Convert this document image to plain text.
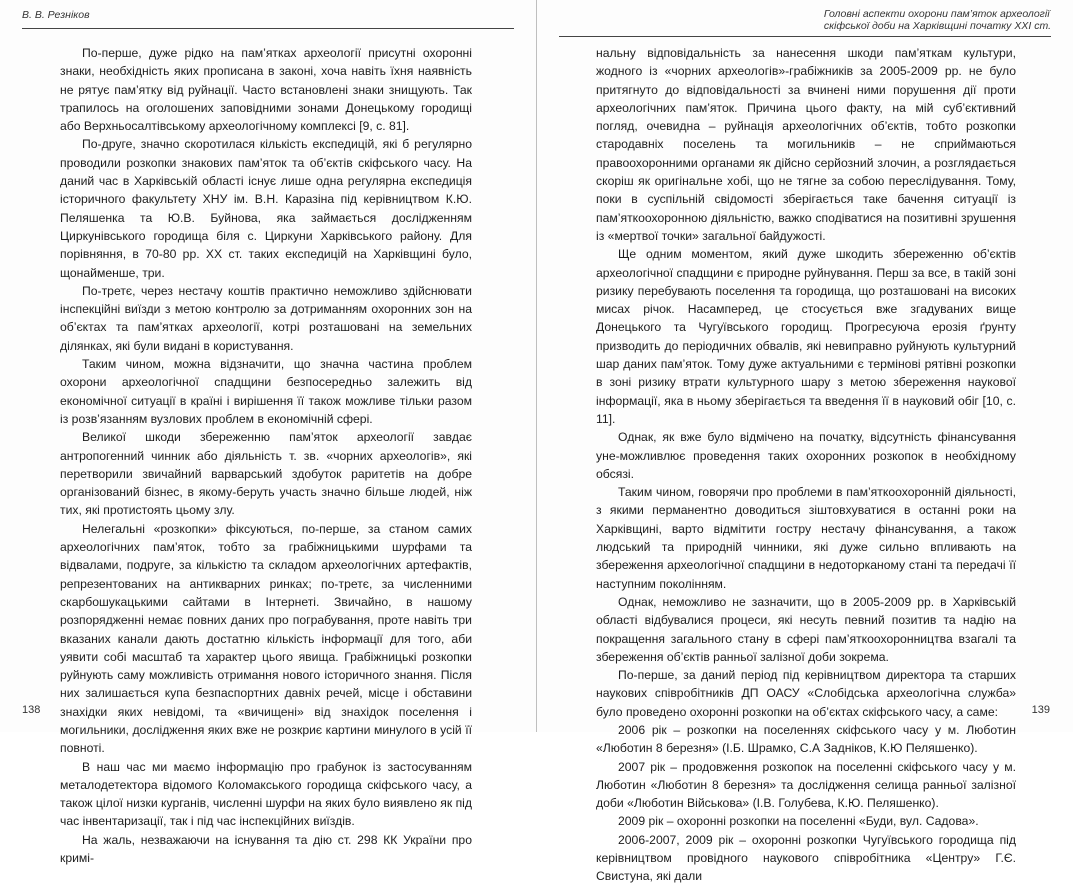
В. В. Резніков

По-перше, дуже рідко на пам’ятках археології присутні охоронні знаки, необхідність яких прописана в законі, хоча навіть їхня наявність не рятує пам’ятку від руйнації. Часто встановлені знаки знищують. Так трапилось на оголошених заповідними зонами Донецькому городищі або Верхньосалтівському археологічному комплексі [9, с. 81].

По-друге, значно скоротилася кількість експедицій, які б регулярно проводили розкопки знакових пам’яток та об’єктів скіфського часу. На даний час в Харківській області існує лише одна регулярна експедиція історичного факультету ХНУ ім. В.Н. Каразіна під керівництвом К.Ю. Пеляшенка та Ю.В. Буйнова, яка займається дослідженням Циркунівського городища біля с. Циркуни Харківського району. Для порівняння, в 70-80 рр. ХХ ст. таких експедицій на Харківщині було, щонайменше, три.

По-третє, через нестачу коштів практично неможливо здійснювати інспекційні виїзди з метою контролю за дотриманням охоронних зон на об’єктах та пам’ятках археології, котрі розташовані на земельних ділянках, які були видані в користування.

Таким чином, можна відзначити, що значна частина проблем охорони археологічної спадщини безпосередньо залежить від економічної ситуації в країні і вирішення її також можливе тільки разом із розв’язанням вузлових проблем в економічній сфері.

Великої шкоди збереженню пам’яток археології завдає антропогенний чинник або діяльність т. зв. «чорних археологів», які перетворили звичайний варварський здобуток раритетів на добре організований бізнес, в якому-беруть участь значно більше людей, ніж тих, які протистоять цьому злу.

Нелегальні «розкопки» фіксуються, по-перше, за станом самих археологічних пам’яток, тобто за грабіжницькими шурфами та відвалами, подруге, за кількістю та складом археологічних артефактів, репрезентованих на антикварних ринках; по-третє, за численними скарбошукацькими сайтами в Інтернеті. Звичайно, в нашому розпорядженні немає повних даних про пограбування, проте навіть три вказаних канали дають достатню кількість інформації для того, аби уявити собі масштаб та характер цього явища. Грабіжницькі розкопки руйнують саму можливість отримання нового історичного знання. Після них залишається купа безпаспортних давніх речей, місце і обставини знахідки яких невідомі, та «вичищені» від знахідок поселення і могильники, дослідження яких вже не розкриє картини минулого в усій її повноті.

В наш час ми маємо інформацію про грабунок із застосуванням металодетектора відомого Коломакського городища скіфського часу, а також цілої низки курганів, численні шурфи на яких було виявлено як під час інвентаризації, так і під час інспекційних виїздів.

На жаль, незважаючи на існування та дію ст. 298 КК України про кримі-

138
Головні аспекти охорони пам’яток археології
скіфської доби на Харківщині початку ХХІ ст.

нальну відповідальність за нанесення шкоди пам’яткам культури, жодного із «чорних археологів»-грабіжників за 2005-2009 рр. не було притягнуто до відповідальності за вчинені ними порушення дії проти археологічних пам’яток. Причина цього факту, на мій суб’єктивний погляд, очевидна – руйнація археологічних об’єктів, тобто розкопки стародавніх поселень та могильників – не сприймаються правоохоронними органами як дійсно серйозний злочин, а розглядається скоріш як оригінальне хобі, що не тягне за собою переслідування. Тому, поки в суспільній свідомості зберігається таке бачення ситуації із пам’яткоохоронною діяльністю, важко сподіватися на позитивні зрушення із «мертвої точки» загальної байдужості.

Ще одним моментом, який дуже шкодить збереженню об’єктів археологічної спадщини є природне руйнування. Перш за все, в такій зоні ризику перебувають поселення та городища, що розташовані на високих мисах річок. Насамперед, це стосується вже згадуваних вище Донецького та Чугуївського городищ. Прогресуюча ерозія ґрунту призводить до періодичних обвалів, які невиправно руйнують культурний шар даних пам’яток. Тому дуже актуальними є термінові рятівні розкопки в зоні ризику втрати культурного шару з метою збереження наукової інформації, яка в ньому зберігається та введення її в науковий обіг [10, с. 11].

Однак, як вже було відмічено на початку, відсутність фінансування уне-можливлює проведення таких охоронних розкопок в необхідному обсязі.

Таким чином, говорячи про проблеми в пам’яткоохоронній діяльності, з якими перманентно доводиться зіштовхуватися в останні роки на Харківщині, варто відмітити гостру нестачу фінансування, а також людський та природній чинники, які дуже сильно впливають на збереження археологічної спадщини в недоторканому стані та передачі її наступним поколінням.

Однак, неможливо не зазначити, що в 2005-2009 рр. в Харківській області відбувалися процеси, які несуть певний позитив та надію на покращення загального стану в сфері пам’яткоохоронництва взагалі та збереження об’єктів ранньої залізної доби зокрема.

По-перше, за даний період під керівництвом директора та старших наукових співробітників ДП ОАСУ «Слобідська археологічна служба» було проведено охоронні розкопки на об’єктах скіфського часу, а саме:

2006 рік – розкопки на поселеннях скіфського часу у м. Люботин «Люботин 8 березня» (І.Б. Шрамко, С.А Задніков, К.Ю Пеляшенко).

2007 рік – продовження розкопок на поселенні скіфського часу у м. Люботин «Люботин 8 березня» та дослідження селища ранньої залізної доби «Люботин Військова» (І.В. Голубева, К.Ю. Пеляшенко).

2009 рік – охоронні розкопки на поселенні «Буди, вул. Садова».

2006-2007, 2009 рік – охоронні розкопки Чугуївського городища під керівництвом провідного наукового співробітника «Центру» Г.Є. Свистуна, які дали

139
